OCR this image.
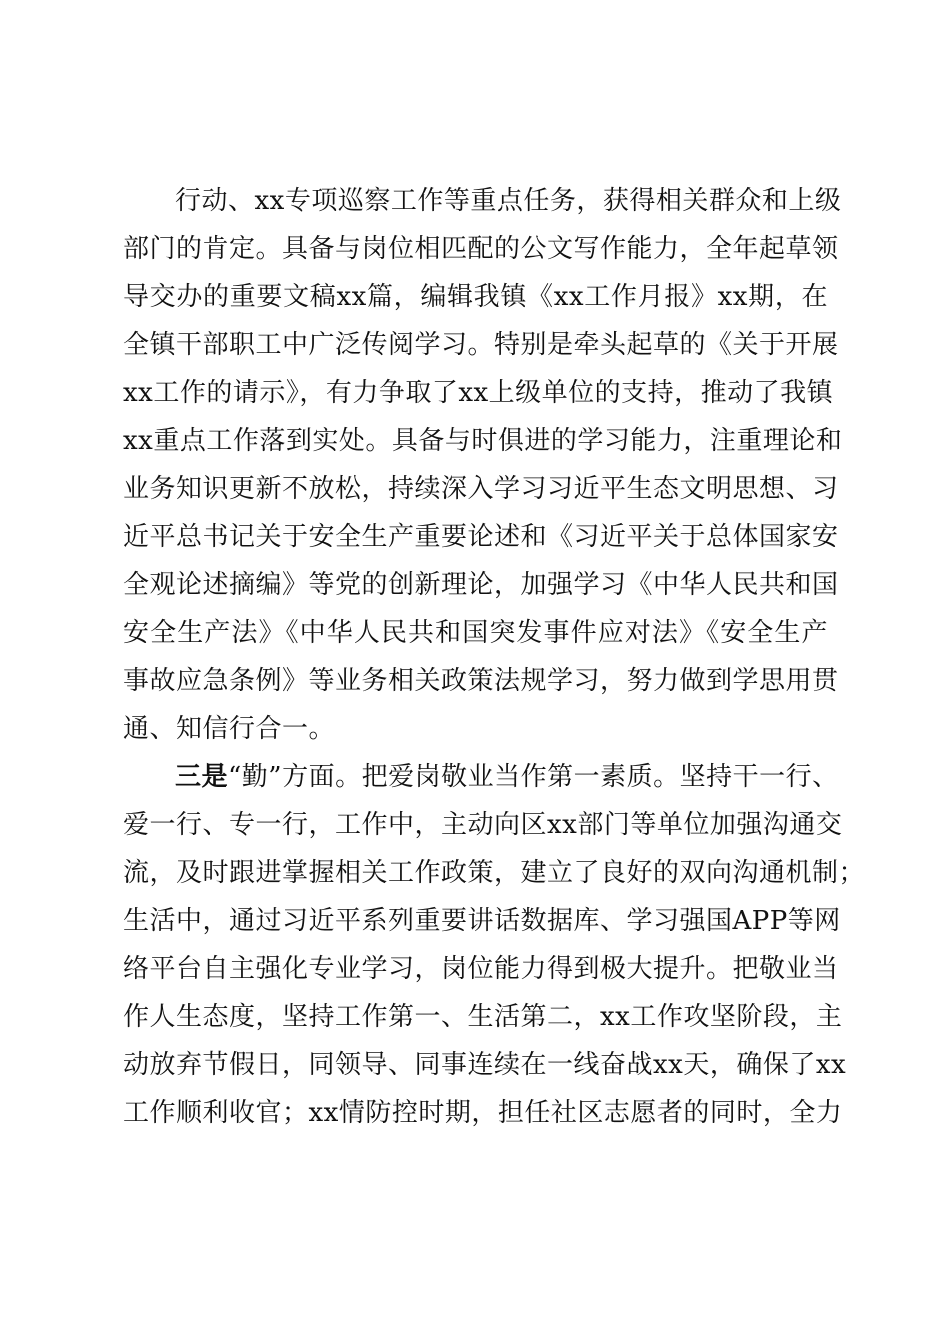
行动、xx专项巡察工作等重点任务，获得相关群众和上级
部门的肯定。具备与岗位相匹配的公文写作能力，全年起草领
导交办的重要文稿xx篇，编辑我镇《xx工作月报》xx期，在
全镇干部职工中广泛传阅学习。特别是牵头起草的《关于开展
xx工作的请示》，有力争取了xx上级单位的支持，推动了我镇
xx重点工作落到实处。具备与时俱进的学习能力，注重理论和
业务知识更新不放松，持续深入学习习近平生态文明思想、习
近平总书记关于安全生产重要论述和《习近平关于总体国家安
全观论述摘编》等党的创新理论，加强学习《中华人民共和国
安全生产法》《中华人民共和国突发事件应对法》《安全生产
事故应急条例》等业务相关政策法规学习，努力做到学思用贯
通、知信行合一。
三是“勤”方面。把爱岗敬业当作第一素质。坚持干一行、
爱一行、专一行，工作中，主动向区xx部门等单位加强沟通交
流，及时跟进掌握相关工作政策，建立了良好的双向沟通机制；
生活中，通过习近平系列重要讲话数据库、学习强国APP等网
络平台自主强化专业学习，岗位能力得到极大提升。把敬业当
作人生态度，坚持工作第一、生活第二，xx工作攻坚阶段，主
动放弃节假日，同领导、同事连续在一线奋战xx天，确保了xx
工作顺利收官；xx情防控时期，担任社区志愿者的同时，全力
